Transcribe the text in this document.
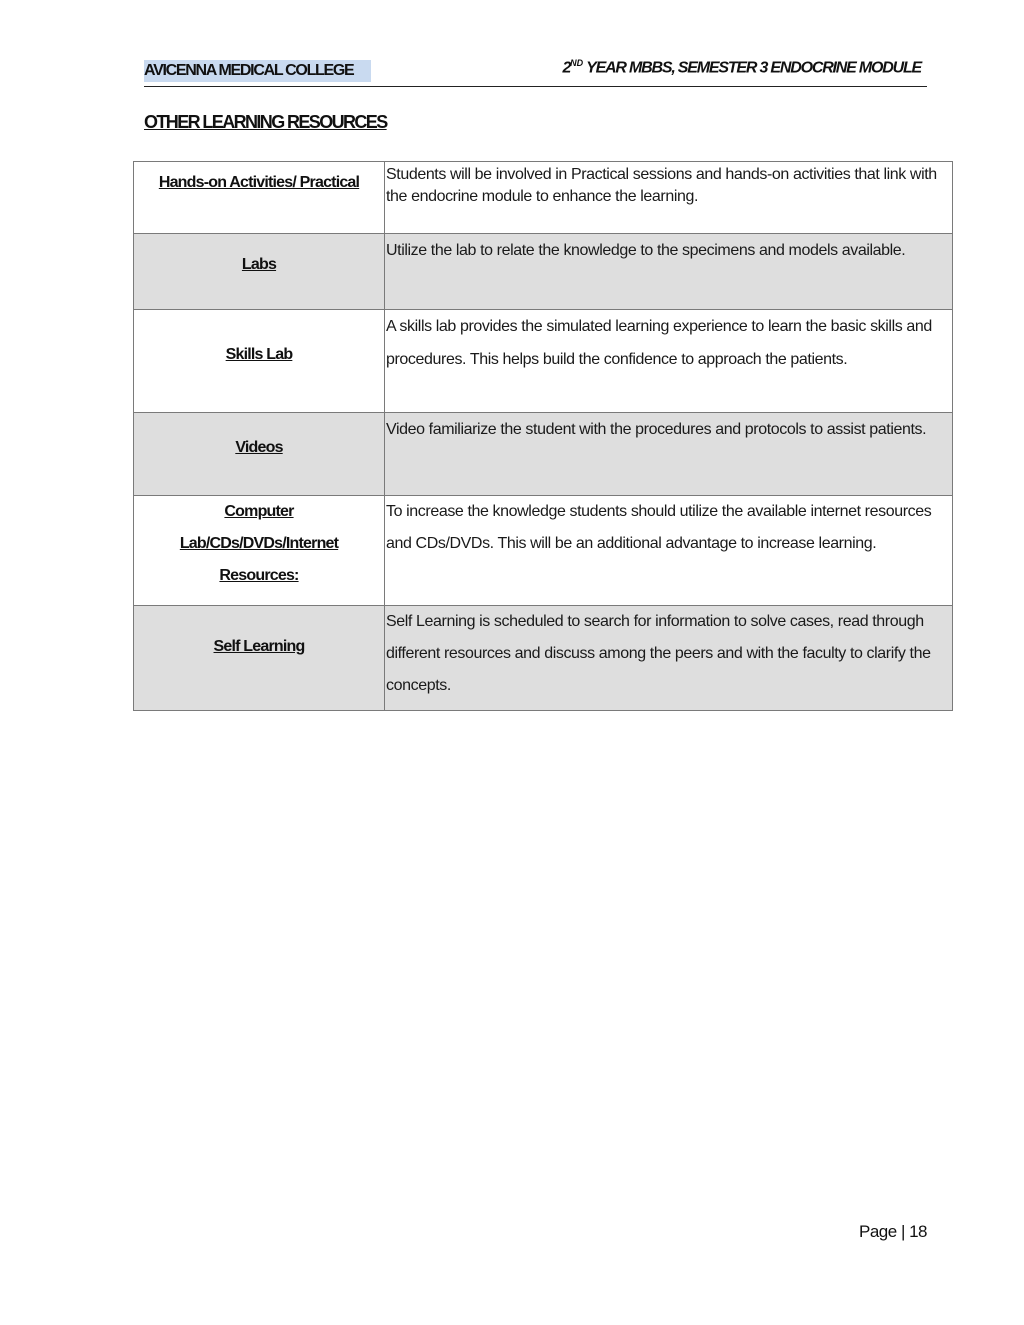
AVICENNA MEDICAL COLLEGE	2ND YEAR MBBS, SEMESTER 3 ENDOCRINE MODULE
OTHER LEARNING RESOURCES
Hands-on Activities/ Practical	Students will be involved in Practical sessions and hands-on activities that link with the endocrine module to enhance the learning.

Labs	Utilize the lab to relate the knowledge to the specimens and models available.

Skills Lab	A skills lab provides the simulated learning experience to learn the basic skills and procedures. This helps build the confidence to approach the patients.

Videos	Video familiarize the student with the procedures and protocols to assist patients.

Computer
Lab/CDs/DVDs/Internet
Resources:	To increase the knowledge students should utilize the available internet resources and CDs/DVDs. This will be an additional advantage to increase learning.

Self Learning	Self Learning is scheduled to search for information to solve cases, read through different resources and discuss among the peers and with the faculty to clarify the concepts.
Page | 18
